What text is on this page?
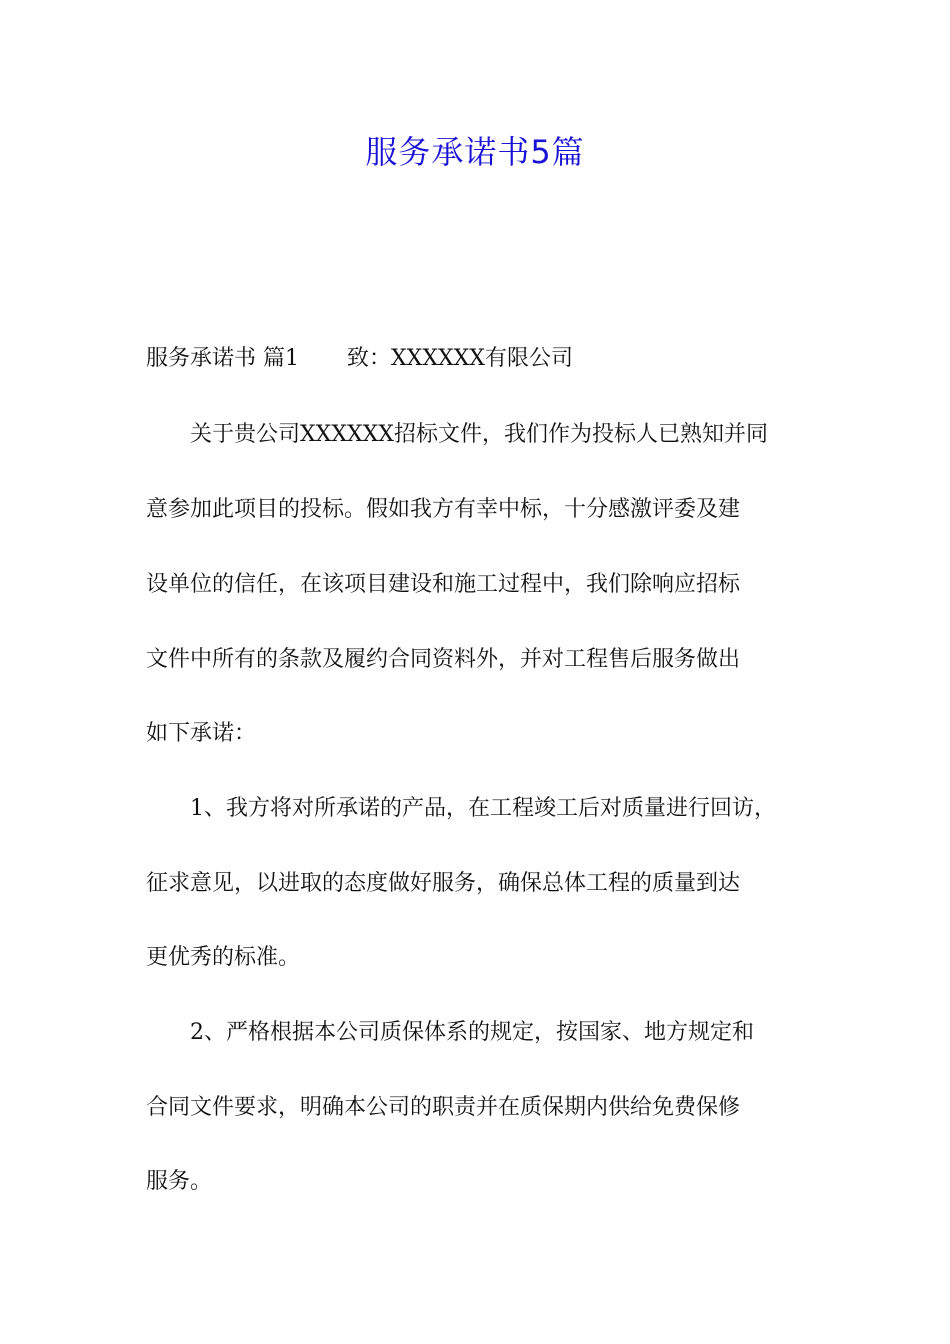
服务承诺书5篇
服务承诺书 篇1 致：XXXXXX有限公司
关于贵公司XXXXXX招标文件，我们作为投标人已熟知并同
意参加此项目的投标。假如我方有幸中标，十分感激评委及建
设单位的信任，在该项目建设和施工过程中，我们除响应招标
文件中所有的条款及履约合同资料外，并对工程售后服务做出
如下承诺：
1、我方将对所承诺的产品，在工程竣工后对质量进行回访，
征求意见，以进取的态度做好服务，确保总体工程的质量到达
更优秀的标准。
2、严格根据本公司质保体系的规定，按国家、地方规定和
合同文件要求，明确本公司的职责并在质保期内供给免费保修
服务。
